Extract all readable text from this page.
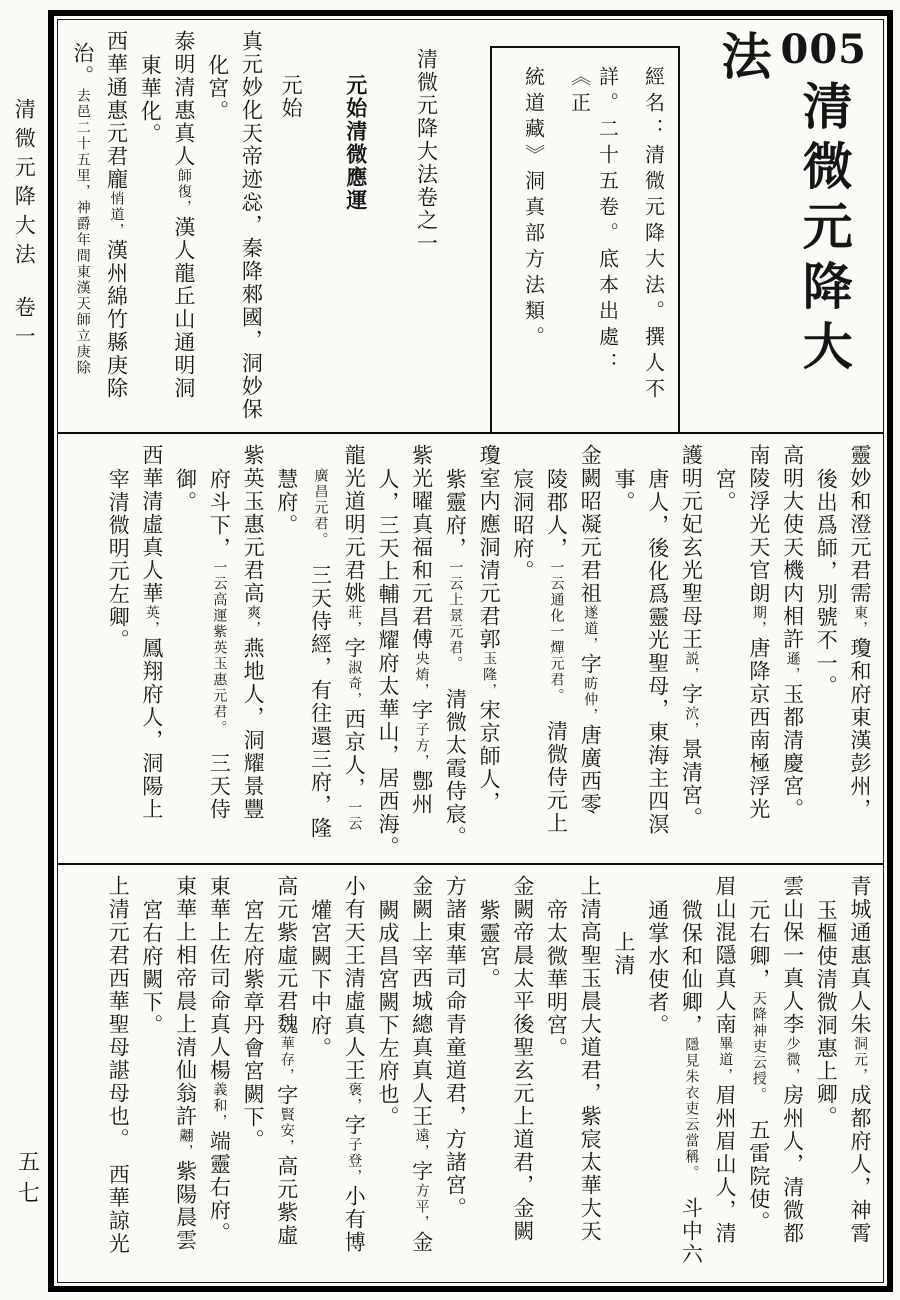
清微元降大法卷一
五七
005清微元降大法
經名：清微元降大法。撰人不
詳。二十五卷。底本出處：《正
統道藏》洞真部方法類。
清微元降大法卷之一
元始清微應運
元始
真元妙化天帝迹惢，秦降郲國，洞妙保
化宮。
泰明清惠真人師復，漢人龍丘山通明洞
東華化。
西華通惠元君龐悄道，漢州綿竹縣庚除
治。去邑二十五里，神爵年間東漢天師立庚除
靈妙和澄元君需東，瓊和府東漢彭州，
後出爲師，別號不一。
高明大使天機内相許遜，玉都清慶宮。
南陵浮光天官朗期，唐降京西南極浮光
宮。
護明元妃玄光聖母王説，字泬，景清宮。
唐人，後化爲靈光聖母，東海主四溟
事。
金闕昭凝元君祖遂道，字昉仲，唐廣西零
陵郡人，一云通化一燀元君。　清微侍元上
宸洞昭府。
瓊室内應洞清元君郭玉隆，宋京師人，
紫靈府，一云上景元君。　清微太霞侍宸。
紫光曜真福和元君傅央焴，字子方，鄷州
人，三天上輔昌耀府太華山，居西海。
龍光道明元君姚莊，字淑奇，西京人，一云
廣昌元君。　三天侍經，有往還三府，隆
慧府。
紫英玉惠元君高爽，燕地人，洞耀景豐
府斗下，一云高運紫英玉惠元君。　三天侍
御。
西華清虛真人華英，鳳翔府人，洞陽上
宰清微明元左卿。
青城通惠真人朱洞元，成都府人，神霄
玉樞使清微洞惠上卿。
雲山保一真人李少微，房州人，清微都
元右卿，天降神吏云授。　五雷院使。
眉山混隱真人南畢道，眉州眉山人，清
微保和仙卿，隱見朱衣吏云當稱。　斗中六
通掌水使者。
上清
上清高聖玉晨大道君，紫宸太華大天
帝太微華明宮。
金闕帝晨太平後聖玄元上道君，金闕
紫靈宮。
方諸東華司命青童道君，方諸宮。
金闕上宰西城總真真人王遠，字方平，金
闕成昌宮闕下左府也。
小有天王清虛真人王褒，字子登，小有博
爟宮闕下中府。
高元紫虛元君魏華存，字賢安，高元紫虛
宮左府紫章丹會宮闕下。
東華上佐司命真人楊義和，端靈右府。
東華上相帝晨上清仙翁許翽，紫陽晨雲
宮右府闕下。
上清元君西華聖母諶母也。　西華諒光
